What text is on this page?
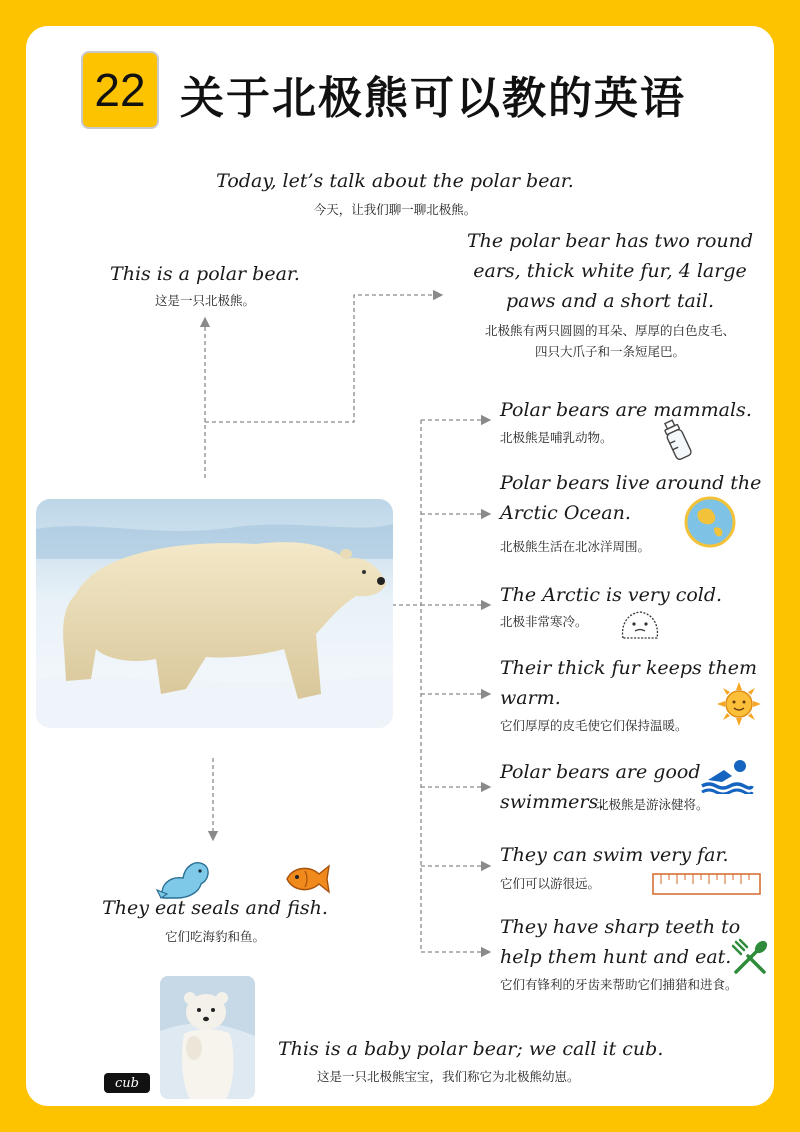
22 关于北极熊可以教的英语
Today, let’s talk about the polar bear.
今天，让我们聊一聊北极熊。
This is a polar bear.
这是一只北极熊。
The polar bear has two round
ears, thick white fur, 4 large
paws and a short tail.
北极熊有两只圆圆的耳朵、厚厚的白色皮毛、
四只大爪子和一条短尾巴。
Polar bears are mammals.
北极熊是哺乳动物。
Polar bears live around the
Arctic Ocean.
北极熊生活在北冰洋周围。
The Arctic is very cold.
北极非常寒冷。
Their thick fur keeps them
warm.
它们厚厚的皮毛使它们保持温暖。
Polar bears are good
swimmers.
北极熊是游泳健将。
They can swim very far.
它们可以游很远。
They have sharp teeth to
help them hunt and eat.
它们有锋利的牙齿来帮助它们捕猎和进食。
They eat seals and fish.
它们吃海豹和鱼。
cub
This is a baby polar bear; we call it cub.
这是一只北极熊宝宝，我们称它为北极熊幼崽。
